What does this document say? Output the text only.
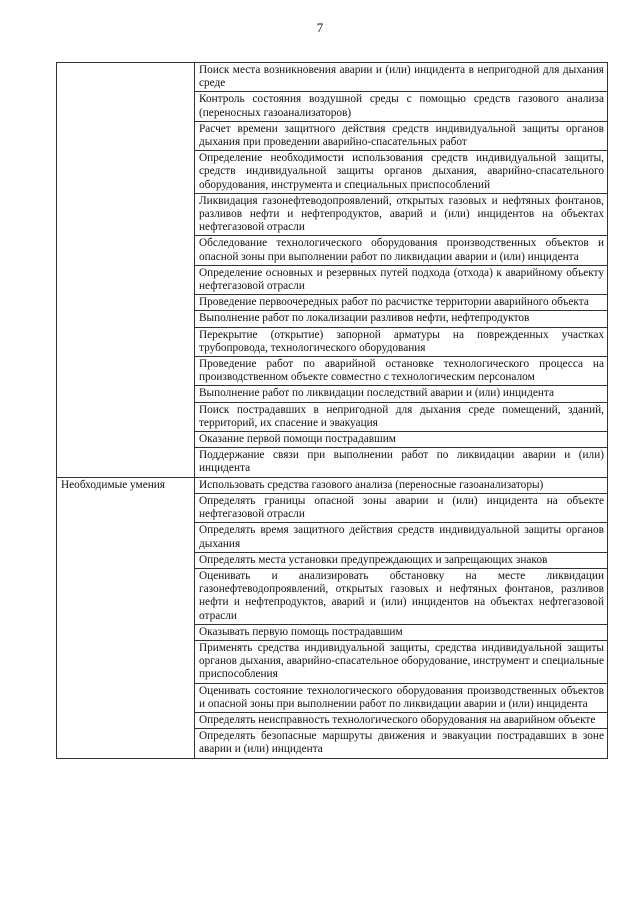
7
	Поиск места возникновения аварии и (или) инцидента в непригодной для дыхания среде
	Контроль состояния воздушной среды с помощью средств газового анализа (переносных газоанализаторов)
	Расчет времени защитного действия средств индивидуальной защиты органов дыхания при проведении аварийно-спасательных работ
	Определение необходимости использования средств индивидуальной защиты, средств индивидуальной защиты органов дыхания, аварийно-спасательного оборудования, инструмента и специальных приспособлений
	Ликвидация газонефтеводопроявлений, открытых газовых и нефтяных фонтанов, разливов нефти и нефтепродуктов, аварий и (или) инцидентов на объектах нефтегазовой отрасли
	Обследование технологического оборудования производственных объектов и опасной зоны при выполнении работ по ликвидации аварии и (или) инцидента
	Определение основных и резервных путей подхода (отхода) к аварийному объекту нефтегазовой отрасли
	Проведение первоочередных работ по расчистке территории аварийного объекта
	Выполнение работ по локализации разливов нефти, нефтепродуктов
	Перекрытие (открытие) запорной арматуры на поврежденных участках трубопровода, технологического оборудования
	Проведение работ по аварийной остановке технологического процесса на производственном объекте совместно с технологическим персоналом
	Выполнение работ по ликвидации последствий аварии и (или) инцидента
	Поиск пострадавших в непригодной для дыхания среде помещений, зданий, территорий, их спасение и эвакуация
	Оказание первой помощи пострадавшим
	Поддержание связи при выполнении работ по ликвидации аварии и (или) инцидента
Необходимые умения	Использовать средства газового анализа (переносные газоанализаторы)
	Определять границы опасной зоны аварии и (или) инцидента на объекте нефтегазовой отрасли
	Определять время защитного действия средств индивидуальной защиты органов дыхания
	Определять места установки предупреждающих и запрещающих знаков
	Оценивать и анализировать обстановку на месте ликвидации газонефтеводопроявлений, открытых газовых и нефтяных фонтанов, разливов нефти и нефтепродуктов, аварий и (или) инцидентов на объектах нефтегазовой отрасли
	Оказывать первую помощь пострадавшим
	Применять средства индивидуальной защиты, средства индивидуальной защиты органов дыхания, аварийно-спасательное оборудование, инструмент и специальные приспособления
	Оценивать состояние технологического оборудования производственных объектов и опасной зоны при выполнении работ по ликвидации аварии и (или) инцидента
	Определять неисправность технологического оборудования на аварийном объекте
	Определять безопасные маршруты движения и эвакуации пострадавших в зоне аварии и (или) инцидента
